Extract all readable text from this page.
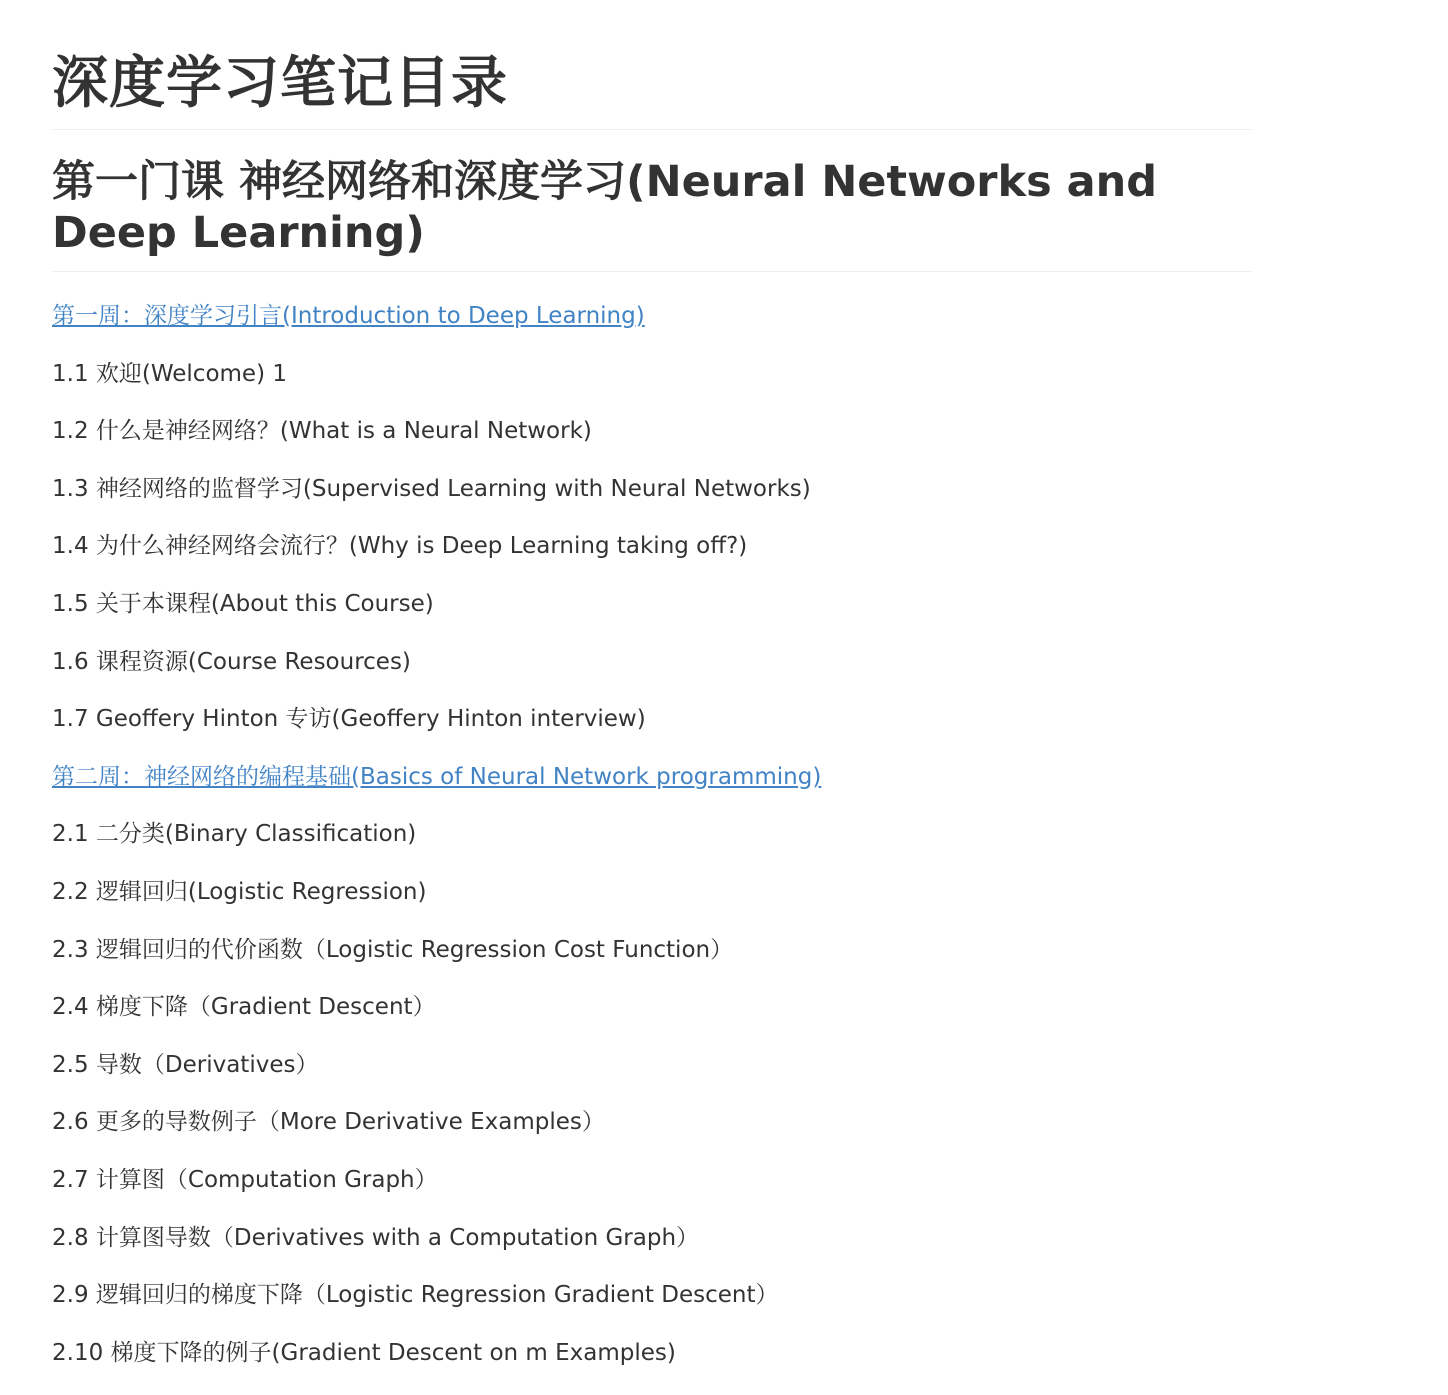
深度学习笔记目录
第一门课 神经网络和深度学习(Neural Networks and Deep Learning)
第一周：深度学习引言(Introduction to Deep Learning)
1.1 欢迎(Welcome) 1
1.2 什么是神经网络？(What is a Neural Network)
1.3 神经网络的监督学习(Supervised Learning with Neural Networks)
1.4 为什么神经网络会流行？(Why is Deep Learning taking off?)
1.5 关于本课程(About this Course)
1.6 课程资源(Course Resources)
1.7 Geoffery Hinton 专访(Geoffery Hinton interview)
第二周：神经网络的编程基础(Basics of Neural Network programming)
2.1 二分类(Binary Classification)
2.2 逻辑回归(Logistic Regression)
2.3 逻辑回归的代价函数（Logistic Regression Cost Function）
2.4 梯度下降（Gradient Descent）
2.5 导数（Derivatives）
2.6 更多的导数例子（More Derivative Examples）
2.7 计算图（Computation Graph）
2.8 计算图导数（Derivatives with a Computation Graph）
2.9 逻辑回归的梯度下降（Logistic Regression Gradient Descent）
2.10 梯度下降的例子(Gradient Descent on m Examples)
